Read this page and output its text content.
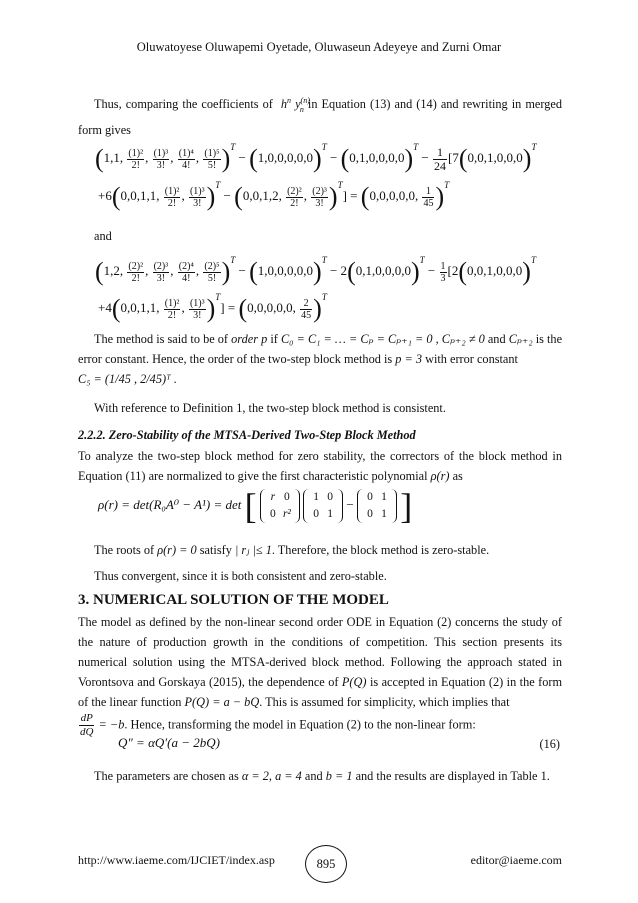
Oluwatoyese Oluwapemi Oyetade, Oluwaseun Adeyeye and Zurni Omar
Thus, comparing the coefficients of $h^n$ $y^{(n)}_n$ in Equation (13) and (14) and rewriting in merged form gives
(1,1, $\frac{\text{(1)²}}{2!}$ , $\frac{\text{(1)³}}{3!}$ , $\frac{\text{(1)⁴}}{4!}$ , $\frac{\text{(1)⁵}}{5!} )^T - (1,0,0,0,0,0)^T - (0,1,0,0,0,0)^T - \frac{1}{24} [7(0,0,1,0,0,0)^T$
+6(0,0,1,1, $\frac{\text{(1)²}}{2!}$ , $\frac{\text{(1)³}}{3!} )^T - (0,0,1,2$, $\frac{\text{(2)²}}{2!}$ , $\frac{\text{(2)³}}{3!} )^T] = (0,0,0,0,0$, $\frac{1}{45} )^T$
and
(1,2, $\frac{\text{(2)²}}{2!}$ , $\frac{\text{(2)³}}{3!}$ , $\frac{\text{(2)⁴}}{4!}$ , $\frac{\text{(2)⁵}}{5!} )^T - (1,0,0,0,0,0)^T - 2(0,1,0,0,0,0)^T - \frac{1}{3} [2(0,0,1,0,0,0)^T$
+4(0,0,1,1, $\frac{\text{(1)²}}{2!}$ , $\frac{\text{(1)³}}{3!} )^T] = (0,0,0,0,0$, $\frac{2}{45} )^T$
The method is said to be of order p if C₀ = C₁ = … = Cₚ = Cₚ₊₁ = 0 , Cₚ₊₂ ≠ 0 and Cₚ₊₂ is the error constant. Hence, the order of the two-step block method is p = 3 with error constant
C₅ = (1/45 , 2/45)ᵀ .
With reference to Definition 1, the two-step block method is consistent.
2.2.2. Zero-Stability of the MTSA-Derived Two-Step Block Method
To analyze the two-step block method for zero stability, the correctors of the block method in Equation (11) are normalized to give the first characteristic polynomial ρ(r) as
ρ(r) = det(R₀A⁰ − A¹) = det [ r 0
0 r² 1 0
0 1 − 0 1
0 1 ]
The roots of ρ(r) = 0 satisfy | rⱼ |≤ 1. Therefore, the block method is zero-stable.
Thus convergent, since it is both consistent and zero-stable.
3. NUMERICAL SOLUTION OF THE MODEL
The model as defined by the non-linear second order ODE in Equation (2) concerns the study of the nature of production growth in the conditions of competition. This section presents its numerical solution using the MTSA-derived block method. Following the approach stated in Vorontsova and Gorskaya (2015), the dependence of P(Q) is accepted in Equation (2) in the form of the linear function P(Q) = a − bQ. This is assumed for simplicity, which implies that

$\frac{dP}{dQ} = -b$. Hence, transforming the model in Equation (2) to the non-linear form:
Q″ = αQ′(a − 2bQ)	(16)
The parameters are chosen as α = 2, a = 4 and b = 1 and the results are displayed in Table 1.
http://www.iaeme.com/IJCIET/index.asp	895	editor@iaeme.com
